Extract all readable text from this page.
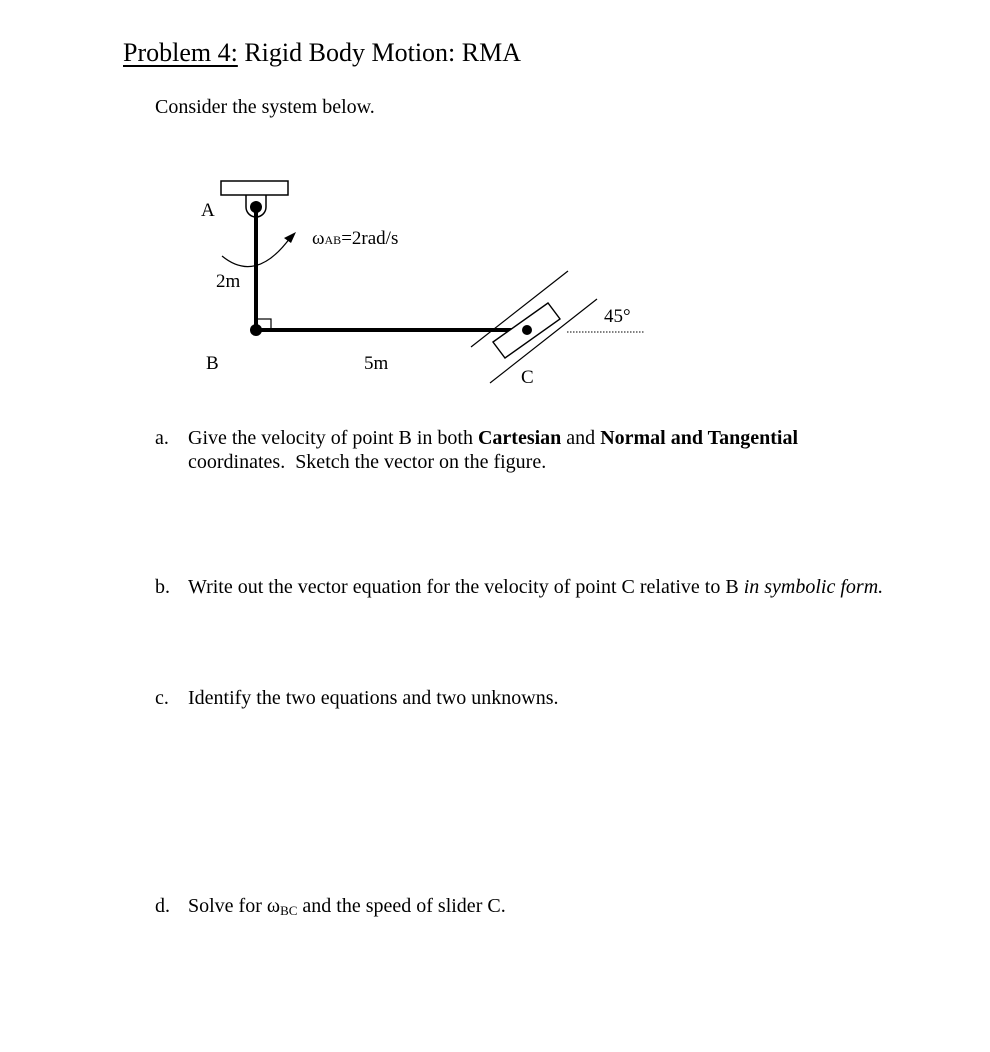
Problem 4: Rigid Body Motion: RMA
Consider the system below.
A
B
C
2m
5m
45°
ωAB=2rad/s
a. Give the velocity of point B in both Cartesian and Normal and Tangential coordinates.  Sketch the vector on the figure.
b. Write out the vector equation for the velocity of point C relative to B in symbolic form.
c. Identify the two equations and two unknowns.
d. Solve for ωBC and the speed of slider C.
